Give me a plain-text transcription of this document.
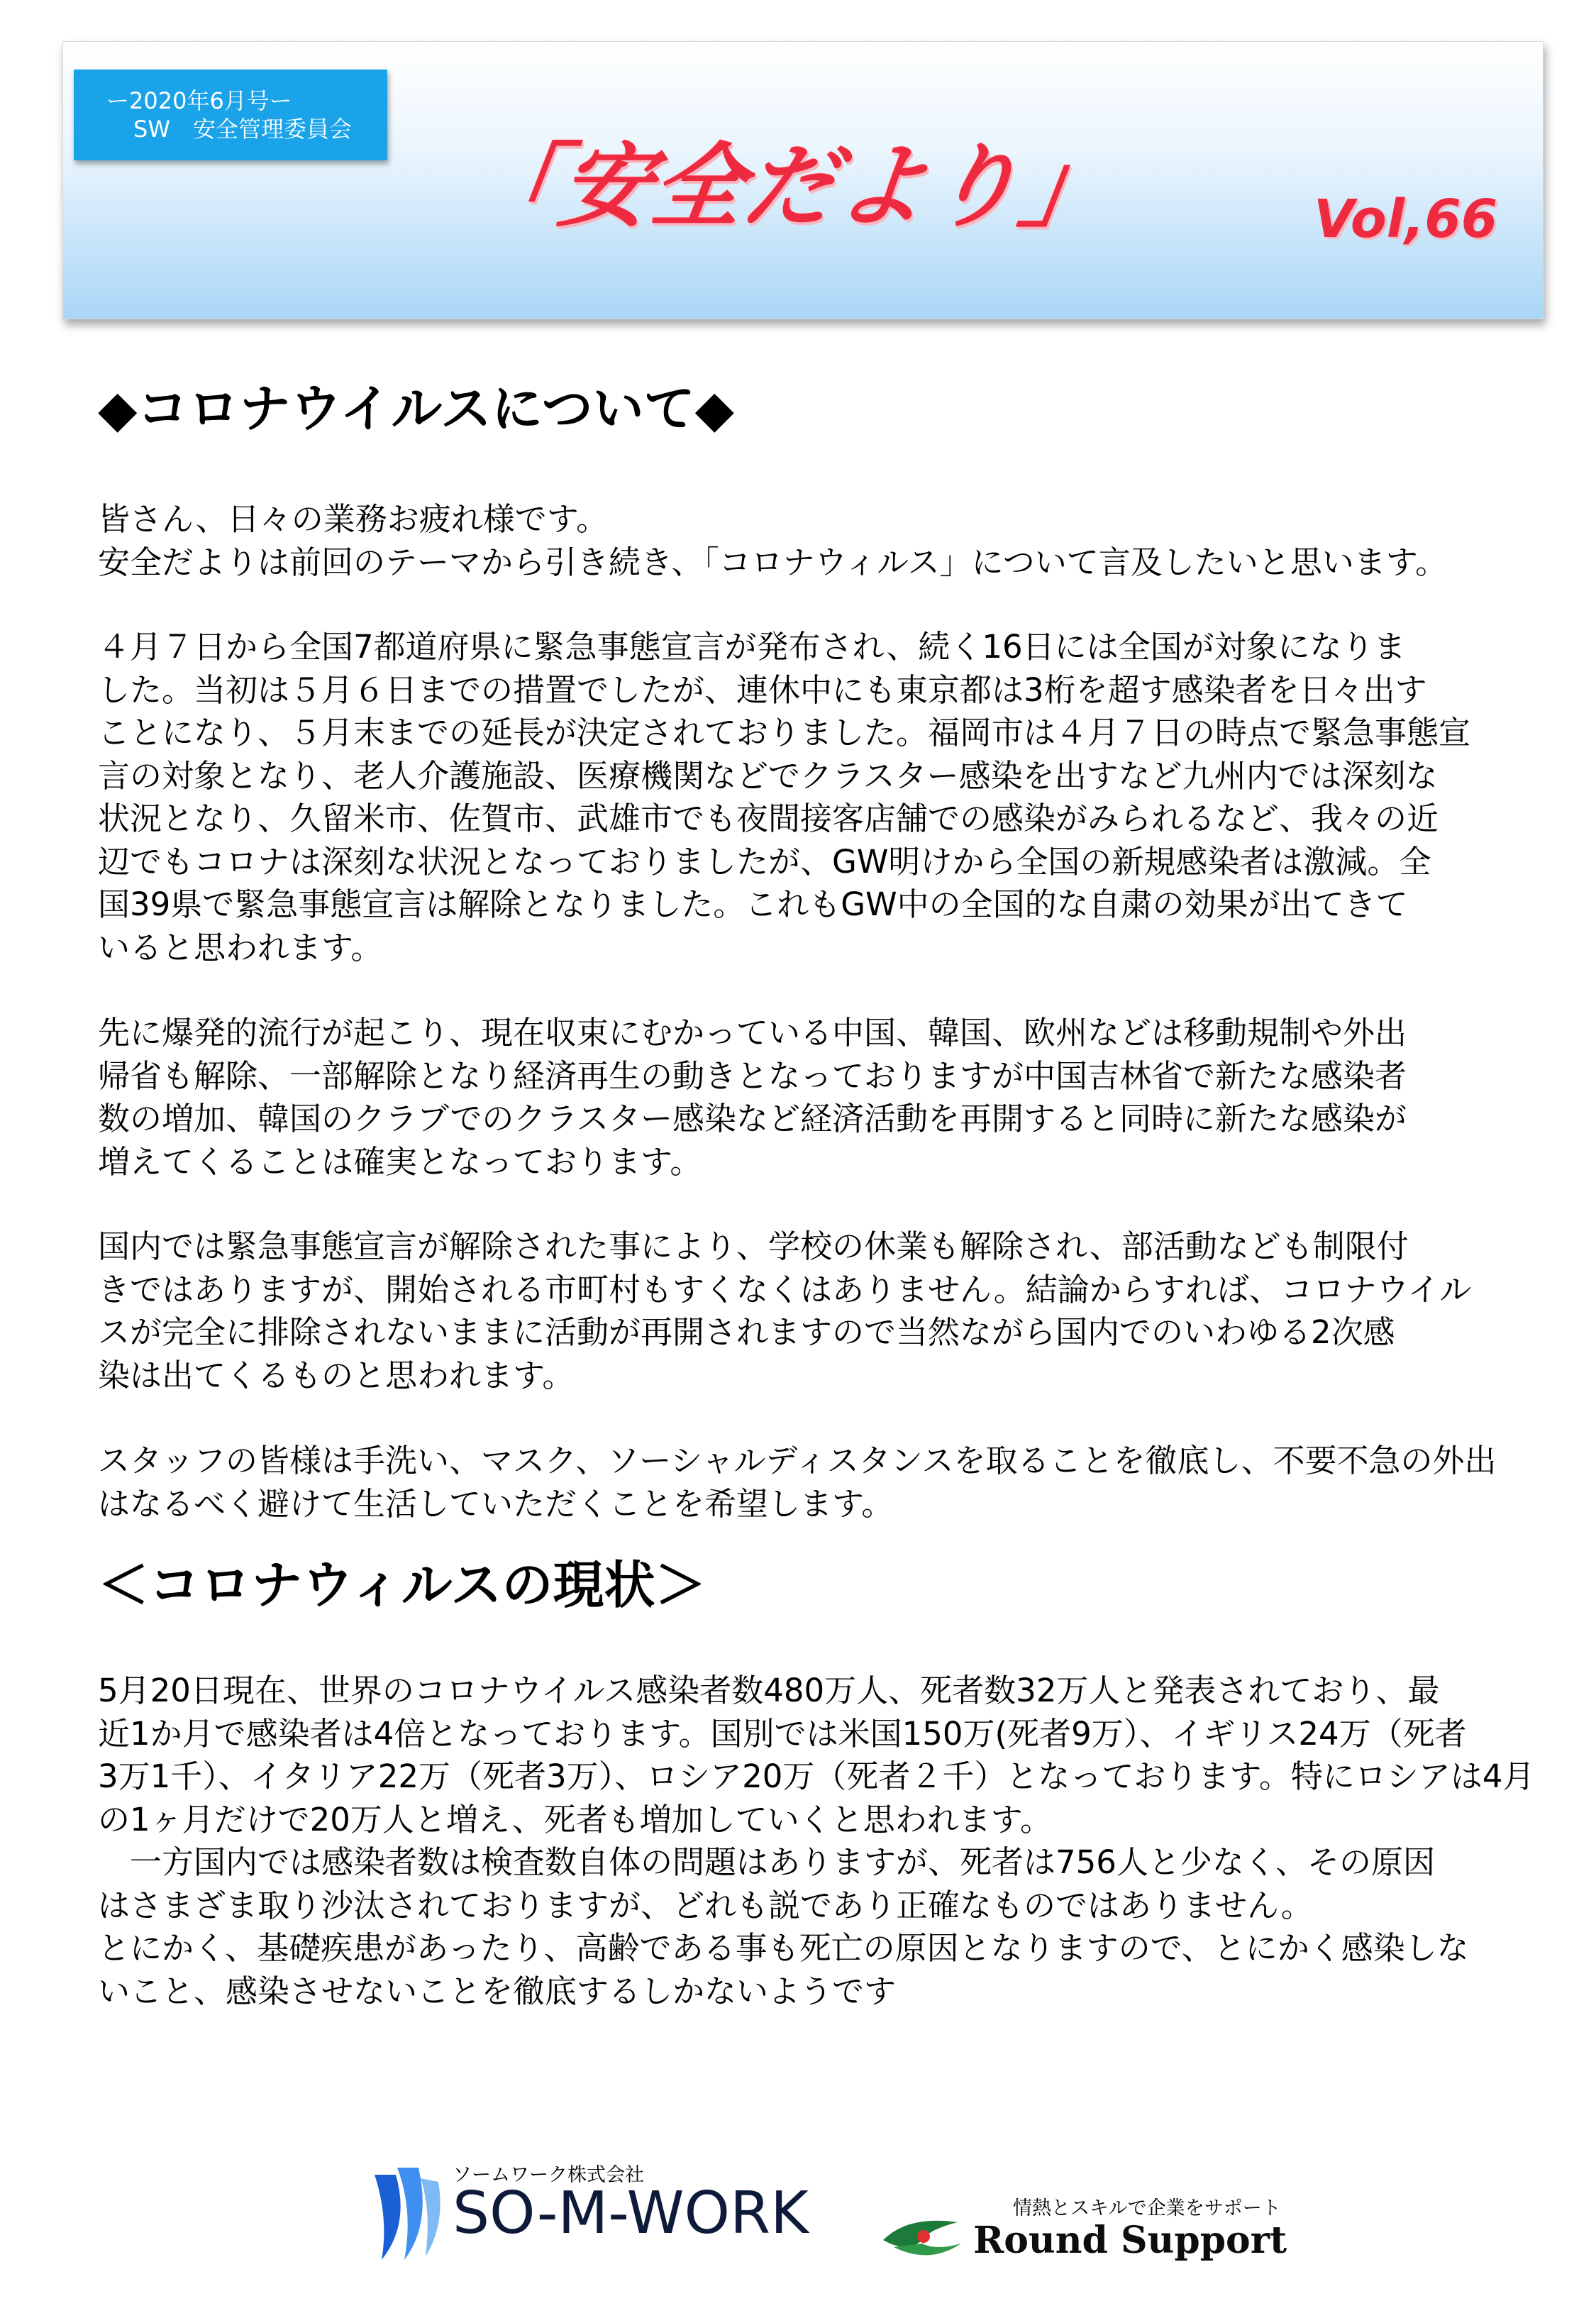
ー2020年6月号ー
SW　安全管理委員会
「安全だより」	Vol,66
◆コロナウイルスについて◆
皆さん、日々の業務お疲れ様です。
安全だよりは前回のテーマから引き続き、「コロナウィルス」について言及したいと思います。
４月７日から全国7都道府県に緊急事態宣言が発布され、続く16日には全国が対象になりま
した。当初は５月６日までの措置でしたが、連休中にも東京都は3桁を超す感染者を日々出す
ことになり、５月末までの延長が決定されておりました。福岡市は４月７日の時点で緊急事態宣
言の対象となり、老人介護施設、医療機関などでクラスター感染を出すなど九州内では深刻な
状況となり、久留米市、佐賀市、武雄市でも夜間接客店舗での感染がみられるなど、我々の近
辺でもコロナは深刻な状況となっておりましたが、GW明けから全国の新規感染者は激減。全
国39県で緊急事態宣言は解除となりました。これもGW中の全国的な自粛の効果が出てきて
いると思われます。
先に爆発的流行が起こり、現在収束にむかっている中国、韓国、欧州などは移動規制や外出
帰省も解除、一部解除となり経済再生の動きとなっておりますが中国吉林省で新たな感染者
数の増加、韓国のクラブでのクラスター感染など経済活動を再開すると同時に新たな感染が
増えてくることは確実となっております。
国内では緊急事態宣言が解除された事により、学校の休業も解除され、部活動なども制限付
きではありますが、開始される市町村もすくなくはありません。結論からすれば、コロナウイル
スが完全に排除されないままに活動が再開されますので当然ながら国内でのいわゆる2次感
染は出てくるものと思われます。
スタッフの皆様は手洗い、マスク、ソーシャルディスタンスを取ることを徹底し、不要不急の外出
はなるべく避けて生活していただくことを希望します。
＜コロナウィルスの現状＞
5月20日現在、世界のコロナウイルス感染者数480万人、死者数32万人と発表されており、最
近1か月で感染者は4倍となっております。国別では米国150万(死者9万）、イギリス24万（死者
3万1千）、イタリア22万（死者3万）、ロシア20万（死者２千）となっております。特にロシアは4月
の1ヶ月だけで20万人と増え、死者も増加していくと思われます。
　一方国内では感染者数は検査数自体の問題はありますが、死者は756人と少なく、その原因
はさまざま取り沙汰されておりますが、どれも説であり正確なものではありません。
とにかく、基礎疾患があったり、高齢である事も死亡の原因となりますので、とにかく感染しな
いこと、感染させないことを徹底するしかないようです
ソームワーク株式会社
SO-M-WORK	情熱とスキルで企業をサポート
Round Support
